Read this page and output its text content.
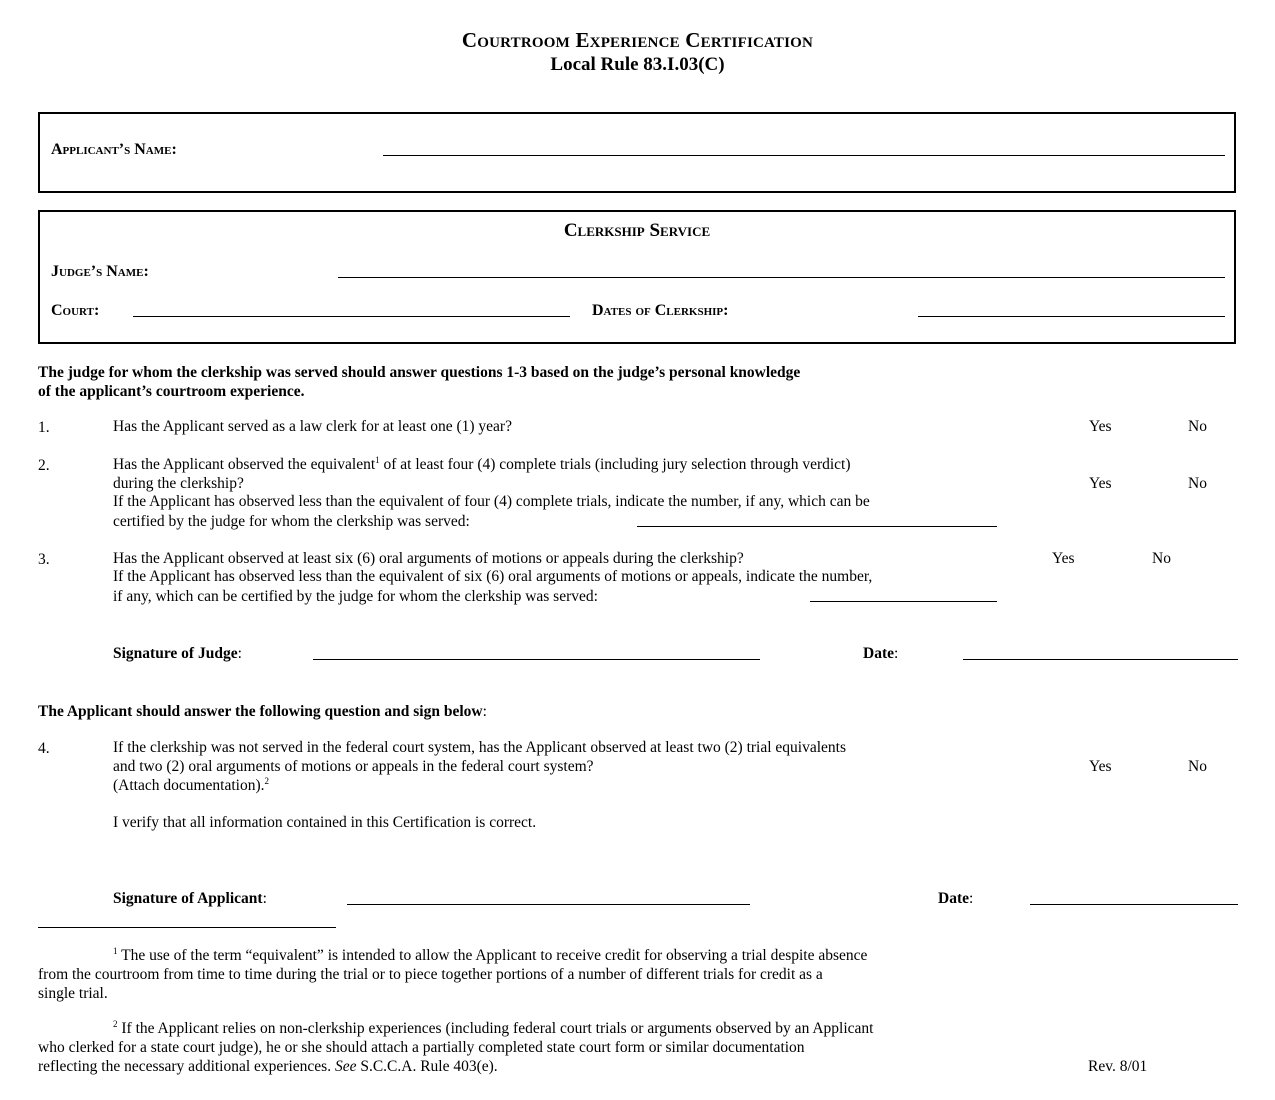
Courtroom Experience Certification
Local Rule 83.I.03(C)
Applicant’s Name:
Clerkship Service
Judge’s Name:
Court:	Dates of Clerkship:
The judge for whom the clerkship was served should answer questions 1-3 based on the judge’s personal knowledge
of the applicant’s courtroom experience.
1.	Has the Applicant served as a law clerk for at least one (1) year?	Yes	No
2.	Has the Applicant observed the equivalent$^1$ of at least four (4) complete trials (including jury selection through verdict)
during the clerkship?	Yes	No
If the Applicant has observed less than the equivalent of four (4) complete trials, indicate the number, if any, which can be
certified by the judge for whom the clerkship was served:
3.	Has the Applicant observed at least six (6) oral arguments of motions or appeals during the clerkship?	Yes	No
If the Applicant has observed less than the equivalent of six (6) oral arguments of motions or appeals, indicate the number,
if any, which can be certified by the judge for whom the clerkship was served:
Signature of Judge:	Date:
The Applicant should answer the following question and sign below:
4.	If the clerkship was not served in the federal court system, has the Applicant observed at least two (2) trial equivalents
and two (2) oral arguments of motions or appeals in the federal court system?	Yes	No
(Attach documentation).$^2$
I verify that all information contained in this Certification is correct.
Signature of Applicant:	Date:
$^1$ The use of the term “equivalent” is intended to allow the Applicant to receive credit for observing a trial despite absence
from the courtroom from time to time during the trial or to piece together portions of a number of different trials for credit as a
single trial.
$^2$ If the Applicant relies on non-clerkship experiences (including federal court trials or arguments observed by an Applicant
who clerked for a state court judge), he or she should attach a partially completed state court form or similar documentation
reflecting the necessary additional experiences. See S.C.C.A. Rule 403(e).	Rev. 8/01
